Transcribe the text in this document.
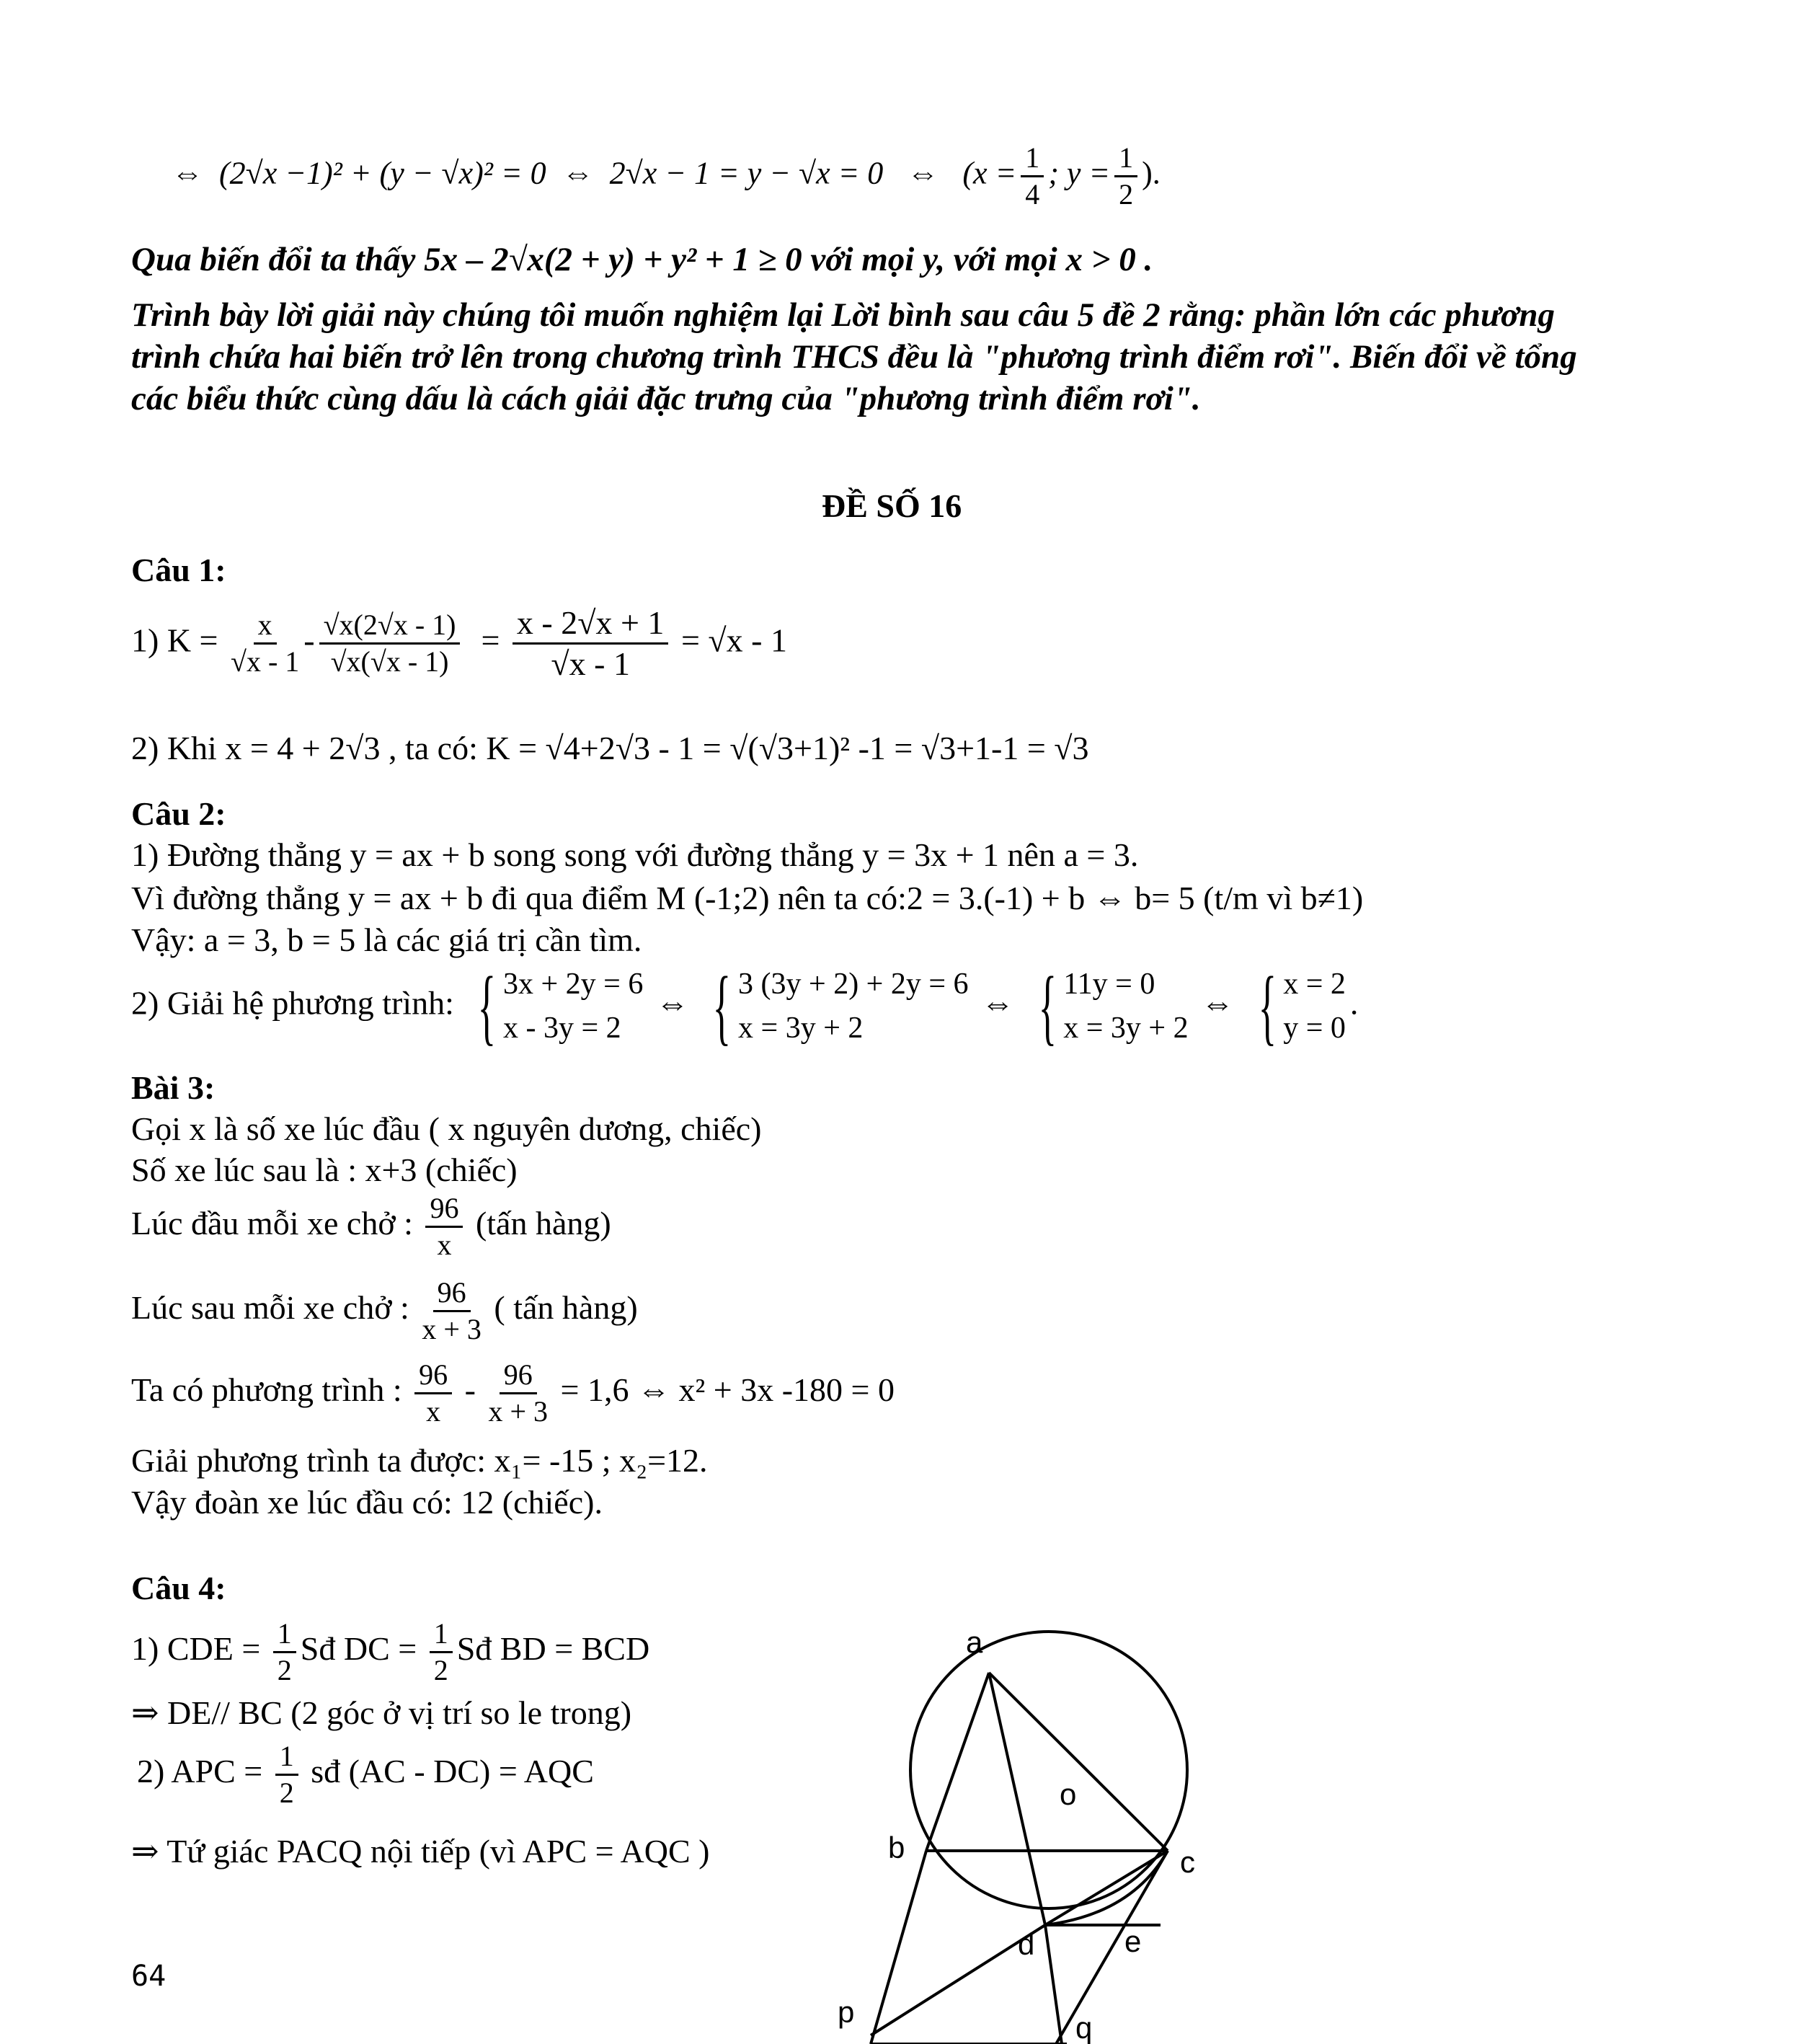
⇔ (2√x −1)² + (y − √x)² = 0 ⇔ 2√x − 1 = y − √x = 0 ⇔ ($x = \frac{1}{4}$ ; $y = \frac{1}{2}$ ).
Qua biến đổi ta thấy 5x – 2√x(2 + y) + y² + 1 ≥ 0 với mọi y, với mọi x > 0 .
Trình bày lời giải này chúng tôi muốn nghiệm lại Lời bình sau câu 5 đề 2 rằng: phần lớn các phương
trình chứa hai biến trở lên trong chương trình THCS đều là "phương trình điểm rơi". Biến đổi về tổng
các biểu thức cùng dấu là cách giải đặc trưng của "phương trình điểm rơi".
ĐỀ SỐ 16
Câu 1:
1) $K = \frac{x}{√x - 1} - \frac{√x(2√x - 1)}{√x(√x - 1)} = \frac{x - 2√x + 1}{√x - 1} = √x - 1$
2) Khi x = 4 + 2√3 , ta có: K = √4+2√3 - 1 = √(√3+1)² -1 = √3+1-1 = √3
Câu 2:
1) Đường thẳng y = ax + b song song với đường thẳng y = 3x + 1 nên a = 3.
Vì đường thẳng y = ax + b đi qua điểm M (-1;2) nên ta có:2 = 3.(-1) + b ⇔ b= 5 (t/m vì b≠1)
Vậy: a = 3, b = 5 là các giá trị cần tìm.
2) Giải hệ phương trình: { 3x + 2y = 6
x - 3y = 2
⇔ { 3 (3y + 2) + 2y = 6
x = 3y + 2
⇔ { 11y = 0
x = 3y + 2
⇔ { x = 2
y = 0
.
Bài 3:
Gọi x là số xe lúc đầu ( x nguyên dương, chiếc)
Số xe lúc sau là : x+3 (chiếc)
Lúc đầu mỗi xe chở : $\frac{96}{x}$ (tấn hàng)
Lúc sau mỗi xe chở : $\frac{96}{x + 3}$ ( tấn hàng)
Ta có phương trình : $\frac{96}{x} - \frac{96}{x + 3} = 1,6$ ⇔ x² + 3x -180 = 0
Giải phương trình ta được: x₁= -15 ; x₂=12.
Vậy đoàn xe lúc đầu có: 12 (chiếc).
Câu 4:
1) CDE = $\frac{1}{2}$ Sđ DC = $\frac{1}{2}$ Sđ BD = BCD
⇒ DE// BC (2 góc ở vị trí so le trong)
2) APC = $\frac{1}{2}$ sđ (AC - DC) = AQC
⇒ Tứ giác PACQ nội tiếp (vì APC = AQC )
a
o
b	c
d	e
p	q
64
